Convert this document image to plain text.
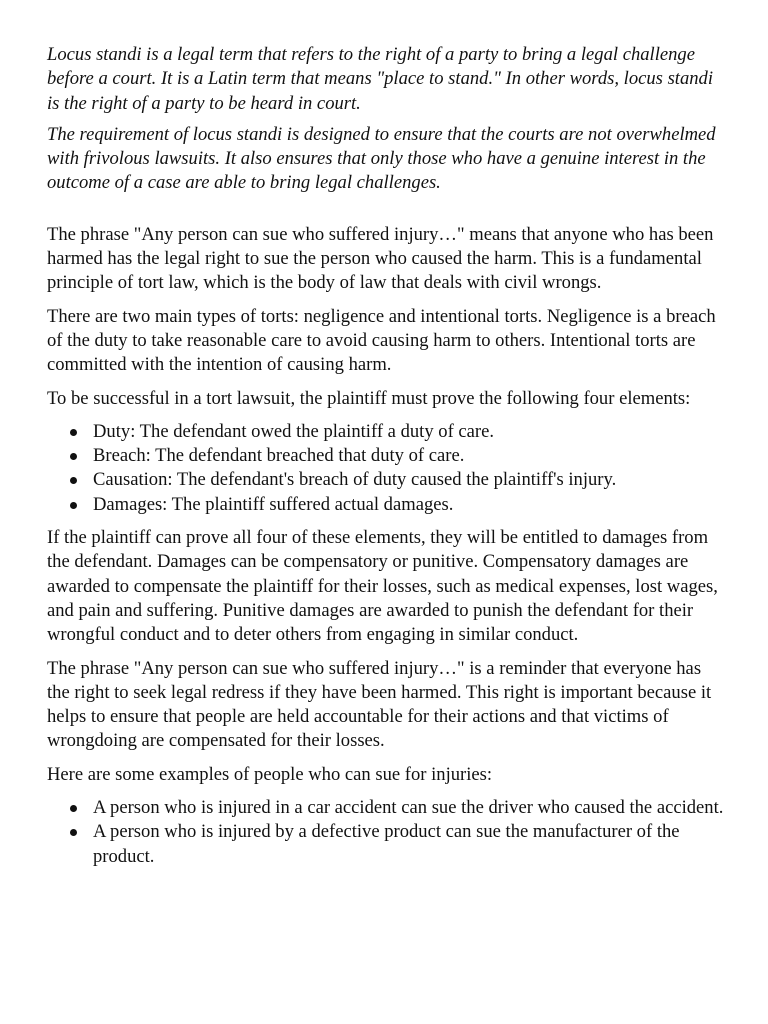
Locus standi is a legal term that refers to the right of a party to bring a legal challenge before a court. It is a Latin term that means "place to stand." In other words, locus standi is the right of a party to be heard in court.

The requirement of locus standi is designed to ensure that the courts are not overwhelmed with frivolous lawsuits. It also ensures that only those who have a genuine interest in the outcome of a case are able to bring legal challenges.

The phrase "Any person can sue who suffered injury…" means that anyone who has been harmed has the legal right to sue the person who caused the harm. This is a fundamental principle of tort law, which is the body of law that deals with civil wrongs.

There are two main types of torts: negligence and intentional torts. Negligence is a breach of the duty to take reasonable care to avoid causing harm to others. Intentional torts are committed with the intention of causing harm.

To be successful in a tort lawsuit, the plaintiff must prove the following four elements:

Duty: The defendant owed the plaintiff a duty of care.
Breach: The defendant breached that duty of care.
Causation: The defendant's breach of duty caused the plaintiff's injury.
Damages: The plaintiff suffered actual damages.

If the plaintiff can prove all four of these elements, they will be entitled to damages from the defendant. Damages can be compensatory or punitive. Compensatory damages are awarded to compensate the plaintiff for their losses, such as medical expenses, lost wages, and pain and suffering. Punitive damages are awarded to punish the defendant for their wrongful conduct and to deter others from engaging in similar conduct.

The phrase "Any person can sue who suffered injury…" is a reminder that everyone has the right to seek legal redress if they have been harmed. This right is important because it helps to ensure that people are held accountable for their actions and that victims of wrongdoing are compensated for their losses.

Here are some examples of people who can sue for injuries:

A person who is injured in a car accident can sue the driver who caused the accident.
A person who is injured by a defective product can sue the manufacturer of the product.
